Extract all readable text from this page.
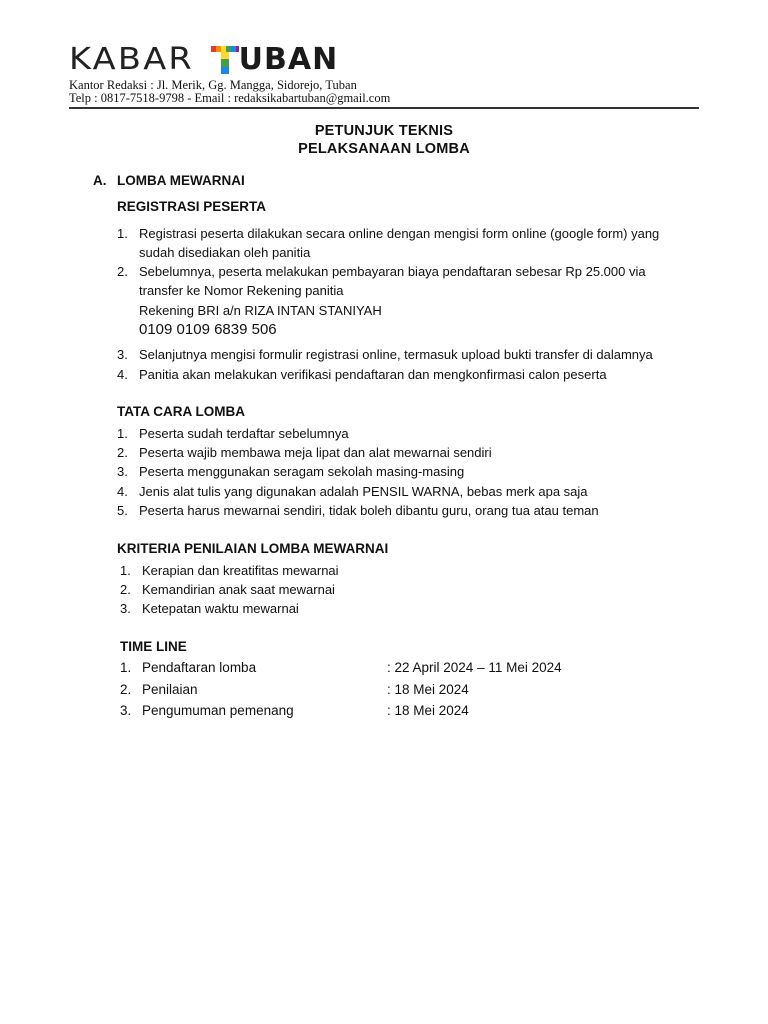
KABAR UBAN
Kantor Redaksi : Jl. Merik, Gg. Mangga, Sidorejo, Tuban
Telp : 0817-7518-9798 - Email : redaksikabartuban@gmail.com
PETUNJUK TEKNIS
PELAKSANAAN LOMBA
A. LOMBA MEWARNAI
REGISTRASI PESERTA
1. Registrasi peserta dilakukan secara online dengan mengisi form online (google form) yang
sudah disediakan oleh panitia
2. Sebelumnya, peserta melakukan pembayaran biaya pendaftaran sebesar Rp 25.000 via
transfer ke Nomor Rekening panitia
Rekening BRI a/n RIZA INTAN STANIYAH
0109 0109 6839 506
3. Selanjutnya mengisi formulir registrasi online, termasuk upload bukti transfer di dalamnya
4. Panitia akan melakukan verifikasi pendaftaran dan mengkonfirmasi calon peserta
TATA CARA LOMBA
1. Peserta sudah terdaftar sebelumnya
2. Peserta wajib membawa meja lipat dan alat mewarnai sendiri
3. Peserta menggunakan seragam sekolah masing-masing
4. Jenis alat tulis yang digunakan adalah PENSIL WARNA, bebas merk apa saja
5. Peserta harus mewarnai sendiri, tidak boleh dibantu guru, orang tua atau teman
KRITERIA PENILAIAN LOMBA MEWARNAI
1. Kerapian dan kreatifitas mewarnai
2. Kemandirian anak saat mewarnai
3. Ketepatan waktu mewarnai
TIME LINE
1. Pendaftaran lomba	: 22 April 2024 – 11 Mei 2024
2. Penilaian	: 18 Mei 2024
3. Pengumuman pemenang	: 18 Mei 2024
